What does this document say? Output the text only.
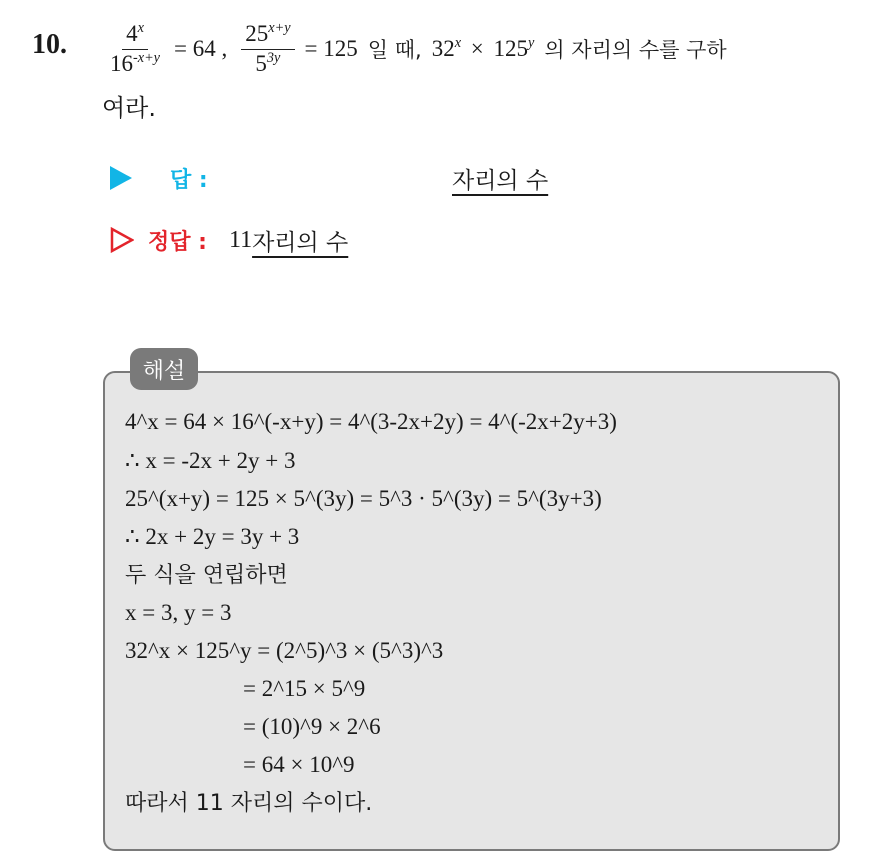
10. $\frac{4^x}{16^{-x+y}} = 64$ , $\frac{25^{x+y}}{5^{3y}} = 125$ 일 때, $32^x \times 125^y$ 의 자리의 수를 구하
여라.
답 :	자리의 수
정답 : 11 자리의 수
해설
4^x = 64 × 16^(-x+y) = 4^(3-2x+2y) = 4^(-2x+2y+3)
∴ x = -2x + 2y + 3
25^(x+y) = 125 × 5^(3y) = 5^3 · 5^(3y) = 5^(3y+3)
∴ 2x + 2y = 3y + 3
두 식을 연립하면
x = 3, y = 3
32^x × 125^y = (2^5)^3 × (5^3)^3
= 2^15 × 5^9
= (10)^9 × 2^6
= 64 × 10^9
따라서 11 자리의 수이다.
